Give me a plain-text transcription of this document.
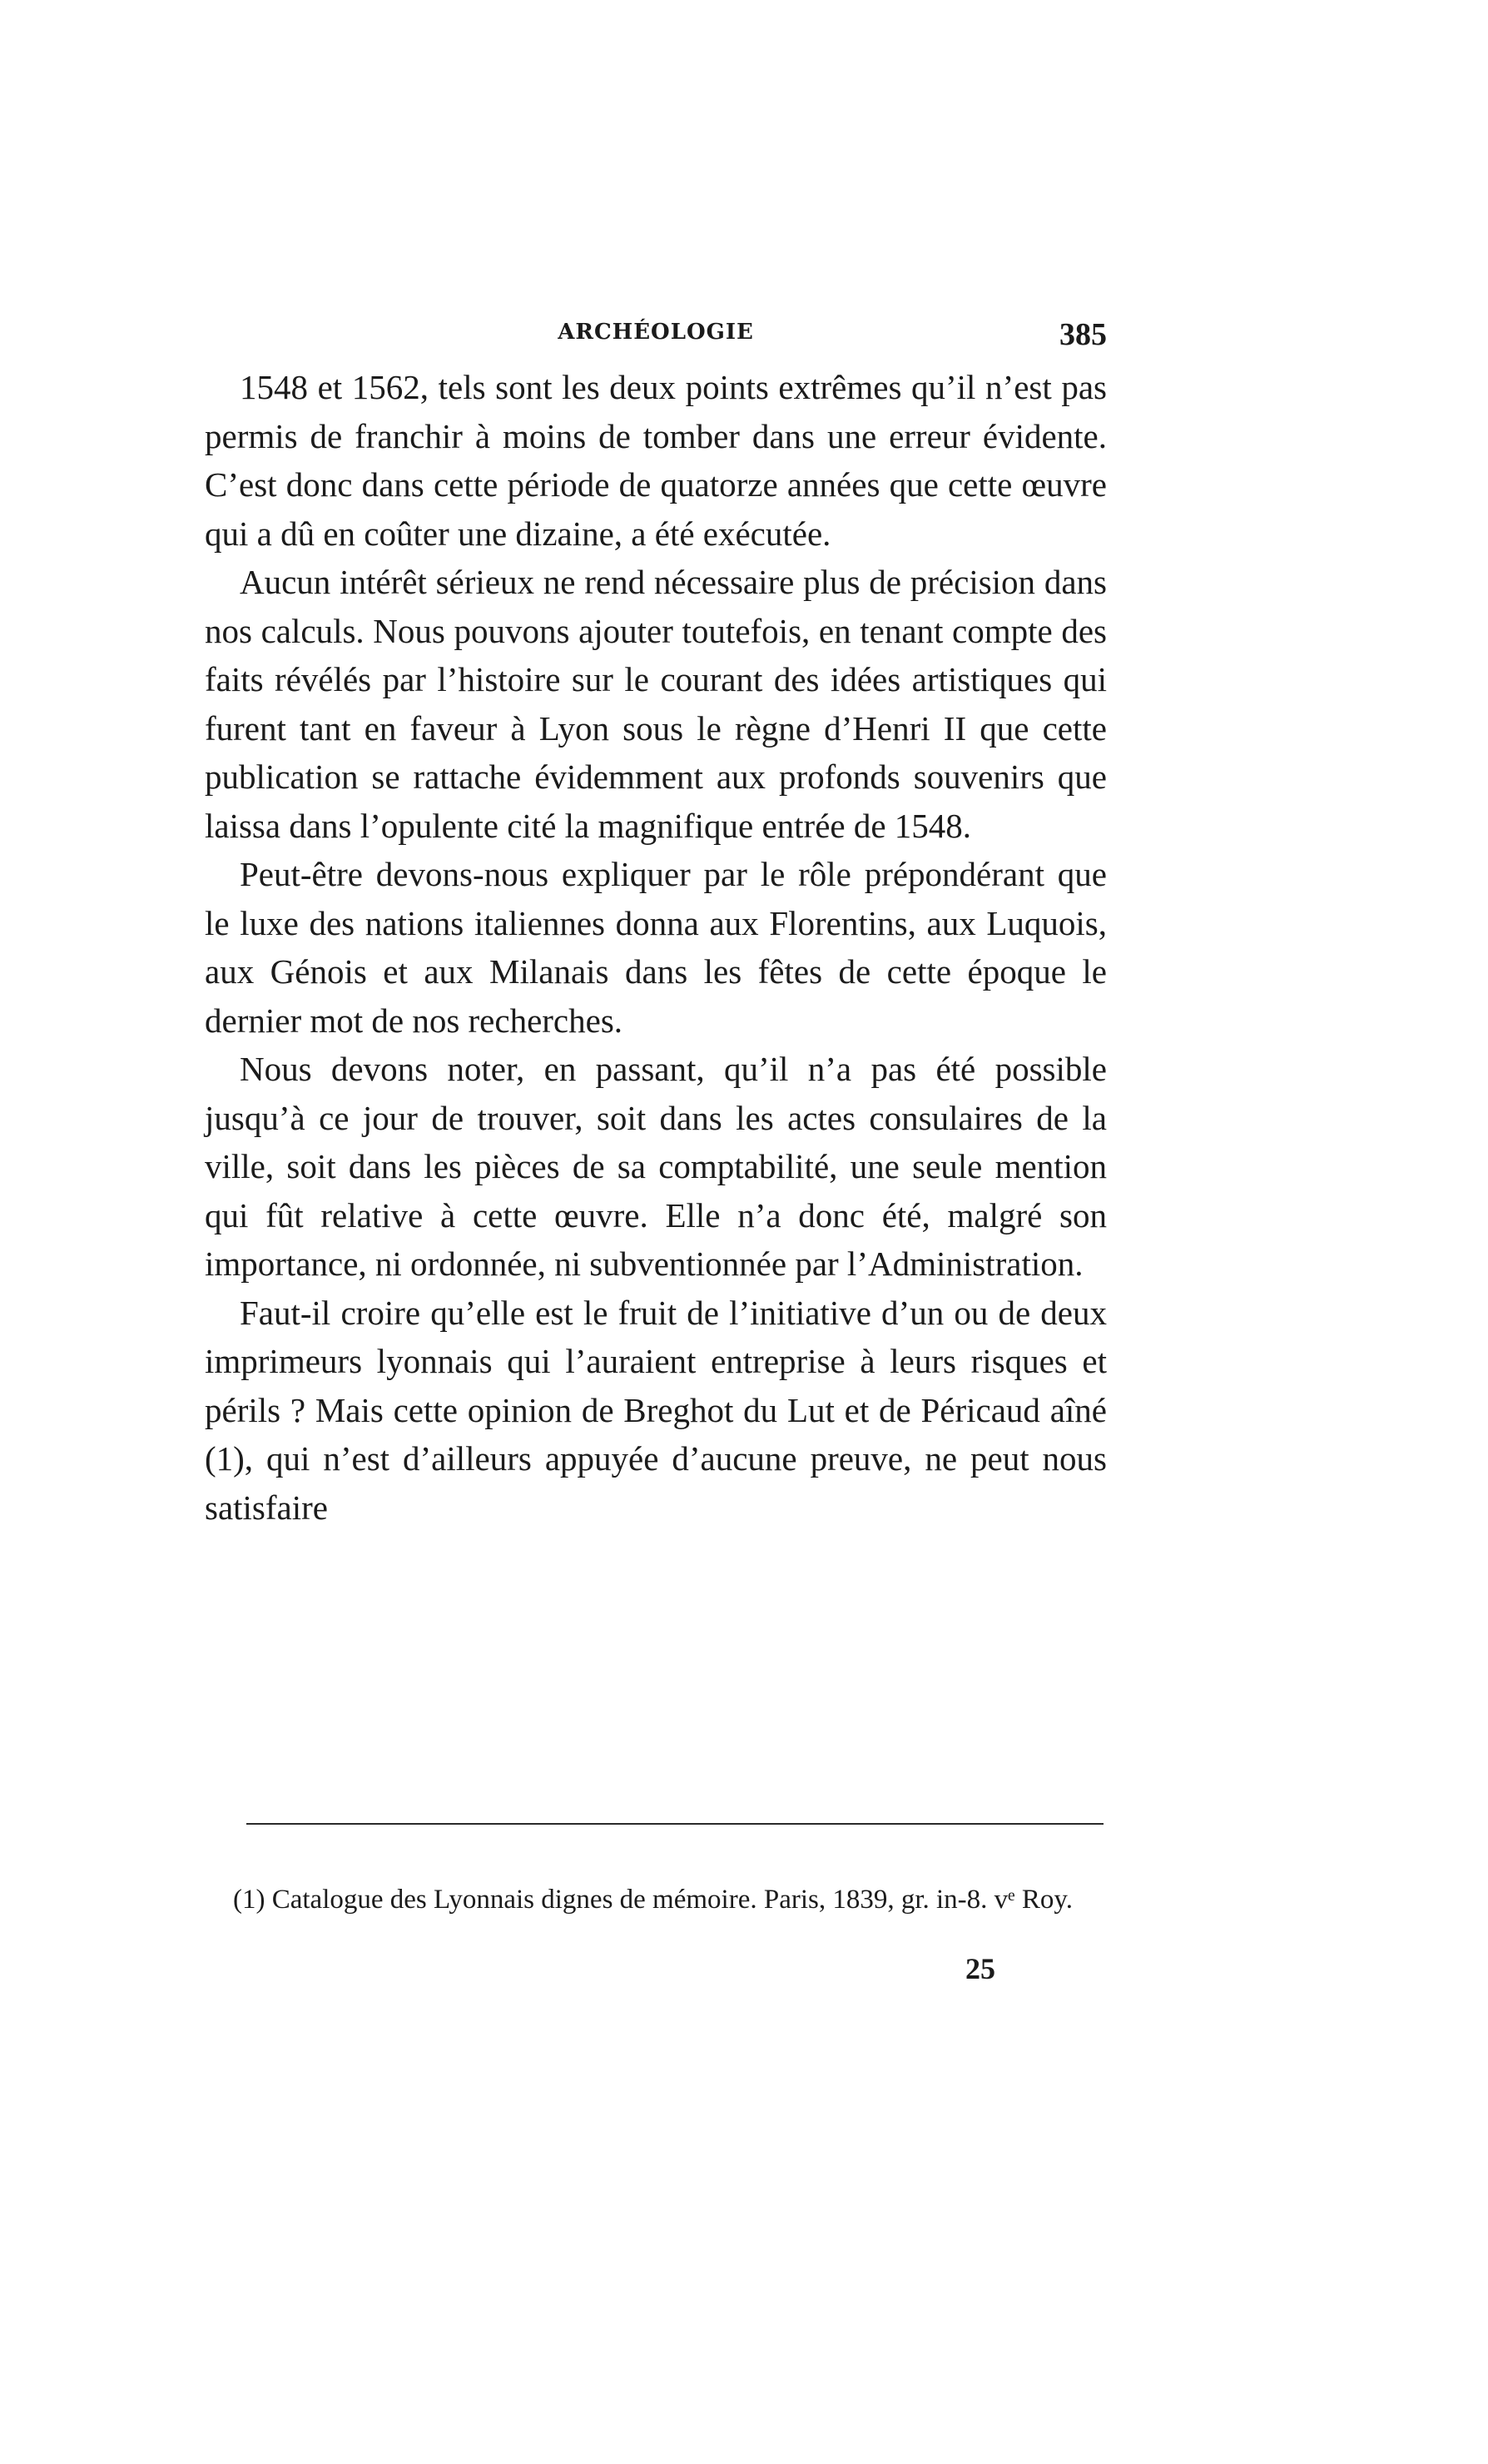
ARCHÉOLOGIE	385

1548 et 1562, tels sont les deux points extrêmes qu’il n’est pas permis de franchir à moins de tomber dans une erreur évidente. C’est donc dans cette période de quatorze années que cette œuvre qui a dû en coûter une dizaine, a été exécutée.

Aucun intérêt sérieux ne rend nécessaire plus de précision dans nos calculs. Nous pouvons ajouter toutefois, en tenant compte des faits révélés par l’histoire sur le courant des idées artistiques qui furent tant en faveur à Lyon sous le règne d’Henri II que cette publication se rattache évidemment aux profonds souvenirs que laissa dans l’opulente cité la magnifique entrée de 1548.

Peut-être devons-nous expliquer par le rôle prépondérant que le luxe des nations italiennes donna aux Florentins, aux Luquois, aux Génois et aux Milanais dans les fêtes de cette époque le dernier mot de nos recherches.

Nous devons noter, en passant, qu’il n’a pas été possible jusqu’à ce jour de trouver, soit dans les actes consulaires de la ville, soit dans les pièces de sa comptabilité, une seule mention qui fût relative à cette œuvre. Elle n’a donc été, malgré son importance, ni ordonnée, ni subventionnée par l’Administration.

Faut-il croire qu’elle est le fruit de l’initiative d’un ou de deux imprimeurs lyonnais qui l’auraient entreprise à leurs risques et périls ? Mais cette opinion de Breghot du Lut et de Péricaud aîné (1), qui n’est d’ailleurs appuyée d’aucune preuve, ne peut nous satisfaire

(1) Catalogue des Lyonnais dignes de mémoire. Paris, 1839, gr. in-8. vᵉ Roy.

25
